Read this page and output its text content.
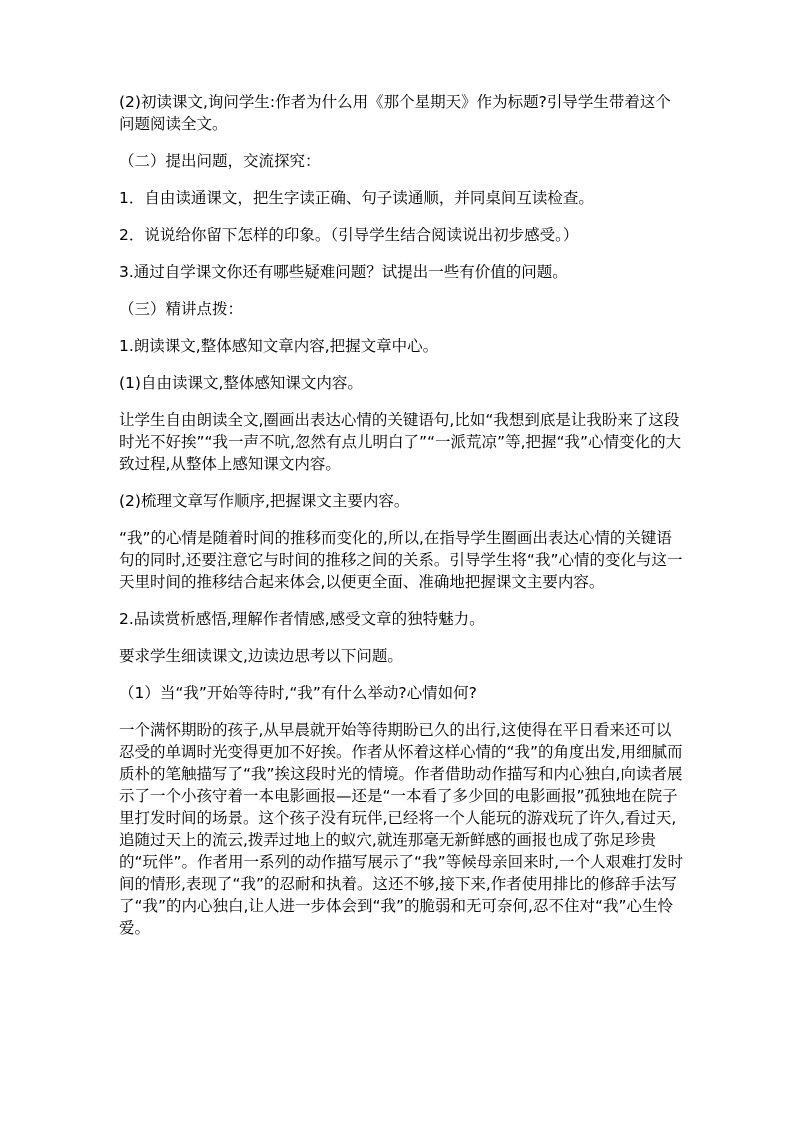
(2)初读课文,询问学生:作者为什么用《那个星期天》作为标题?引导学生带着这个问题阅读全文。

（二）提出问题，交流探究：

1．自由读通课文，把生字读正确、句子读通顺，并同桌间互读检查。

2．说说给你留下怎样的印象。（引导学生结合阅读说出初步感受。）

3.通过自学课文你还有哪些疑难问题？试提出一些有价值的问题。

（三）精讲点拨：

1.朗读课文,整体感知文章内容,把握文章中心。

(1)自由读课文,整体感知课文内容。

让学生自由朗读全文,圈画出表达心情的关键语句,比如“我想到底是让我盼来了这段时光不好挨”“我一声不吭,忽然有点儿明白了”“一派荒凉”等,把握“我”心情变化的大致过程,从整体上感知课文内容。

(2)梳理文章写作顺序,把握课文主要内容。

“我”的心情是随着时间的推移而变化的,所以,在指导学生圈画出表达心情的关键语句的同时,还要注意它与时间的推移之间的关系。引导学生将“我”心情的变化与这一天里时间的推移结合起来体会,以便更全面、准确地把握课文主要内容。

2.品读赏析感悟,理解作者情感,感受文章的独特魅力。

要求学生细读课文,边读边思考以下问题。

（1）当“我”开始等待时,“我”有什么举动?心情如何?

一个满怀期盼的孩子,从早晨就开始等待期盼已久的出行,这使得在平日看来还可以忍受的单调时光变得更加不好挨。作者从怀着这样心情的“我”的角度出发,用细腻而质朴的笔触描写了“我”挨这段时光的情境。作者借助动作描写和内心独白,向读者展示了一个小孩守着一本电影画报—还是“一本看了多少回的电影画报”孤独地在院子里打发时间的场景。这个孩子没有玩伴,已经将一个人能玩的游戏玩了许久,看过天,追随过天上的流云,拨弄过地上的蚁穴,就连那毫无新鲜感的画报也成了弥足珍贵的“玩伴”。作者用一系列的动作描写展示了“我”等候母亲回来时,一个人艰难打发时间的情形,表现了“我”的忍耐和执着。这还不够,接下来,作者使用排比的修辞手法写了“我”的内心独白,让人进一步体会到“我”的脆弱和无可奈何,忍不住对“我”心生怜爱。
